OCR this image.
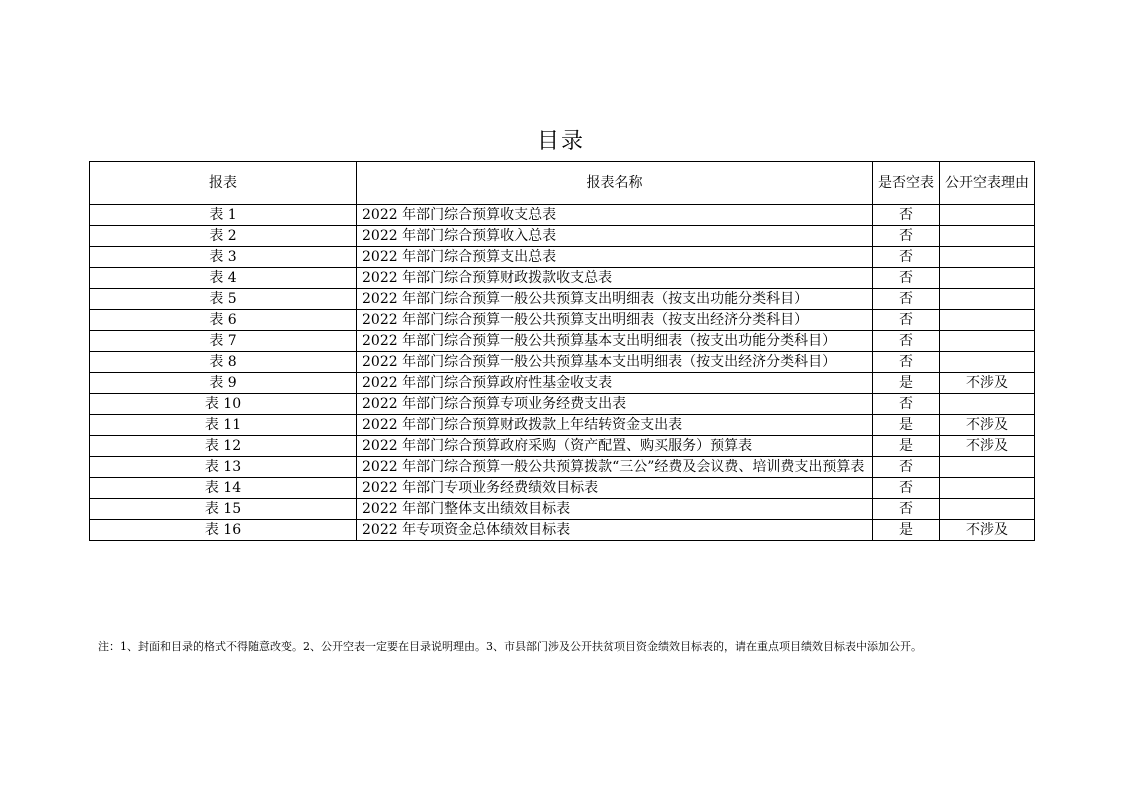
目录
报表	报表名称	是否空表	公开空表理由
表 1	2022 年部门综合预算收支总表	否	
表 2	2022 年部门综合预算收入总表	否	
表 3	2022 年部门综合预算支出总表	否	
表 4	2022 年部门综合预算财政拨款收支总表	否	
表 5	2022 年部门综合预算一般公共预算支出明细表（按支出功能分类科目）	否	
表 6	2022 年部门综合预算一般公共预算支出明细表（按支出经济分类科目）	否	
表 7	2022 年部门综合预算一般公共预算基本支出明细表（按支出功能分类科目）	否	
表 8	2022 年部门综合预算一般公共预算基本支出明细表（按支出经济分类科目）	否	
表 9	2022 年部门综合预算政府性基金收支表	是	不涉及
表 10	2022 年部门综合预算专项业务经费支出表	否	
表 11	2022 年部门综合预算财政拨款上年结转资金支出表	是	不涉及
表 12	2022 年部门综合预算政府采购（资产配置、购买服务）预算表	是	不涉及
表 13	2022 年部门综合预算一般公共预算拨款“三公”经费及会议费、培训费支出预算表	否	
表 14	2022 年部门专项业务经费绩效目标表	否	
表 15	2022 年部门整体支出绩效目标表	否	
表 16	2022 年专项资金总体绩效目标表	是	不涉及
注：1、封面和目录的格式不得随意改变。2、公开空表一定要在目录说明理由。3、市县部门涉及公开扶贫项目资金绩效目标表的，请在重点项目绩效目标表中添加公开。
